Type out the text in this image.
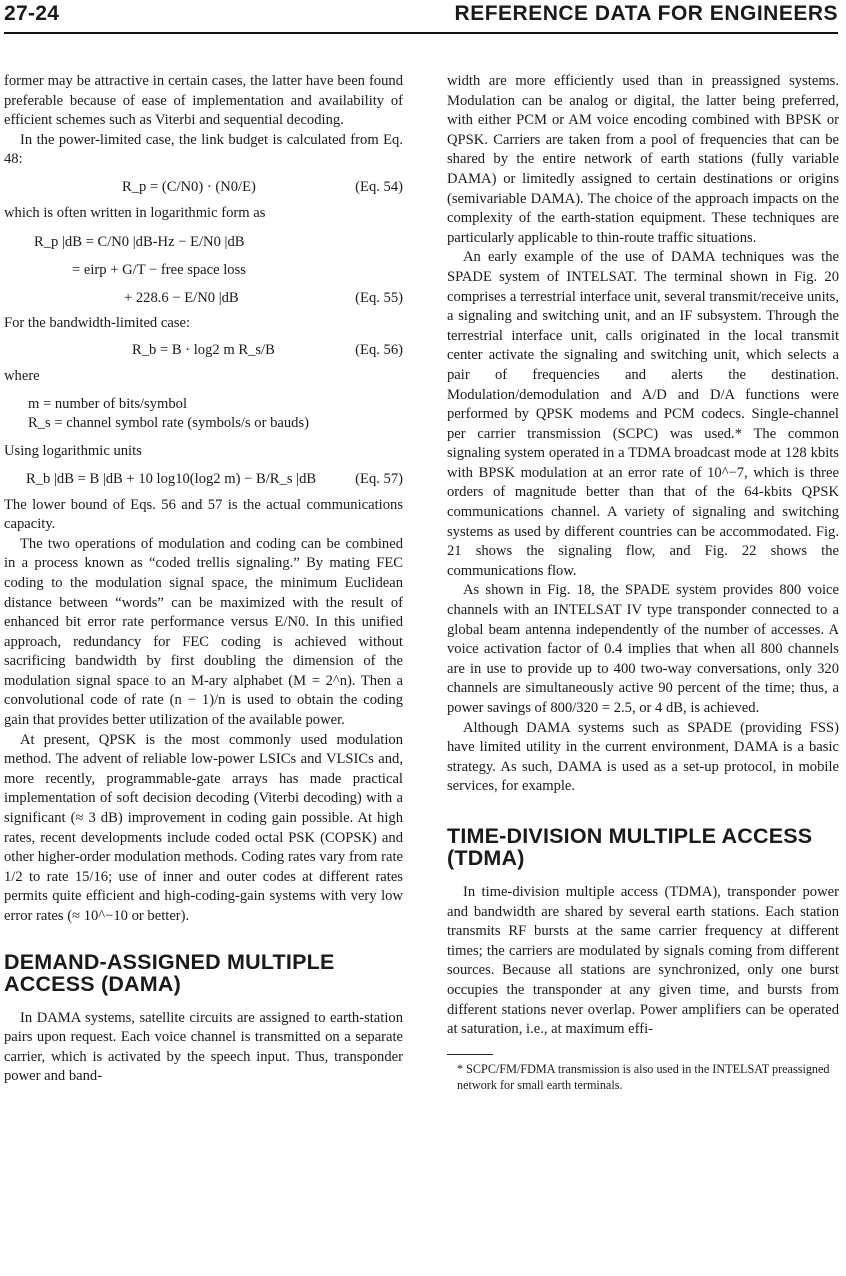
27-24	REFERENCE DATA FOR ENGINEERS

former may be attractive in certain cases, the latter have been found preferable because of ease of implementation and availability of efficient schemes such as Viterbi and sequential decoding.

In the power-limited case, the link budget is calculated from Eq. 48:

R_p = (C/N0) · (N0/E)	(Eq. 54)

which is often written in logarithmic form as

R_p |dB = C/N0 |dB-Hz − E/N0 |dB
= eirp + G/T − free space loss
+ 228.6 − E/N0 |dB	(Eq. 55)

For the bandwidth-limited case:

R_b = B · log2 m R_s/B	(Eq. 56)

where

m = number of bits/symbol

R_s = channel symbol rate (symbols/s or bauds)

Using logarithmic units

R_b |dB = B |dB + 10 log10(log2 m) − B/R_s |dB	(Eq. 57)

The lower bound of Eqs. 56 and 57 is the actual communications capacity.

The two operations of modulation and coding can be combined in a process known as “coded trellis signaling.” By mating FEC coding to the modulation signal space, the minimum Euclidean distance between “words” can be maximized with the result of enhanced bit error rate performance versus E/N0. In this unified approach, redundancy for FEC coding is achieved without sacrificing bandwidth by first doubling the dimension of the modulation signal space to an M-ary alphabet (M = 2^n). Then a convolutional code of rate (n − 1)/n is used to obtain the coding gain that provides better utilization of the available power.

At present, QPSK is the most commonly used modulation method. The advent of reliable low-power LSICs and VLSICs and, more recently, programmable-gate arrays has made practical implementation of soft decision decoding (Viterbi decoding) with a significant (≈ 3 dB) improvement in coding gain possible. At high rates, recent developments include coded octal PSK (COPSK) and other higher-order modulation methods. Coding rates vary from rate 1/2 to rate 15/16; use of inner and outer codes at different rates permits quite efficient and high-coding-gain systems with very low error rates (≈ 10^−10 or better).

DEMAND-ASSIGNED MULTIPLE ACCESS (DAMA)

In DAMA systems, satellite circuits are assigned to earth-station pairs upon request. Each voice channel is transmitted on a separate carrier, which is activated by the speech input. Thus, transponder power and band-

width are more efficiently used than in preassigned systems. Modulation can be analog or digital, the latter being preferred, with either PCM or AM voice encoding combined with BPSK or QPSK. Carriers are taken from a pool of frequencies that can be shared by the entire network of earth stations (fully variable DAMA) or limitedly assigned to certain destinations or origins (semivariable DAMA). The choice of the approach impacts on the complexity of the earth-station equipment. These techniques are particularly applicable to thin-route traffic situations.

An early example of the use of DAMA techniques was the SPADE system of INTELSAT. The terminal shown in Fig. 20 comprises a terrestrial interface unit, several transmit/receive units, a signaling and switching unit, and an IF subsystem. Through the terrestrial interface unit, calls originated in the local transmit center activate the signaling and switching unit, which selects a pair of frequencies and alerts the destination. Modulation/demodulation and A/D and D/A functions were performed by QPSK modems and PCM codecs. Single-channel per carrier transmission (SCPC) was used.* The common signaling system operated in a TDMA broadcast mode at 128 kbits with BPSK modulation at an error rate of 10^−7, which is three orders of magnitude better than that of the 64-kbits QPSK communications channel. A variety of signaling and switching systems as used by different countries can be accommodated. Fig. 21 shows the signaling flow, and Fig. 22 shows the communications flow.

As shown in Fig. 18, the SPADE system provides 800 voice channels with an INTELSAT IV type transponder connected to a global beam antenna independently of the number of accesses. A voice activation factor of 0.4 implies that when all 800 channels are in use to provide up to 400 two-way conversations, only 320 channels are simultaneously active 90 percent of the time; thus, a power savings of 800/320 = 2.5, or 4 dB, is achieved.

Although DAMA systems such as SPADE (providing FSS) have limited utility in the current environment, DAMA is a basic strategy. As such, DAMA is used as a set-up protocol, in mobile services, for example.

TIME-DIVISION MULTIPLE ACCESS (TDMA)

In time-division multiple access (TDMA), transponder power and bandwidth are shared by several earth stations. Each station transmits RF bursts at the same carrier frequency at different times; the carriers are modulated by signals coming from different sources. Because all stations are synchronized, only one burst occupies the transponder at any given time, and bursts from different stations never overlap. Power amplifiers can be operated at saturation, i.e., at maximum effi-

* SCPC/FM/FDMA transmission is also used in the INTELSAT preassigned network for small earth terminals.
